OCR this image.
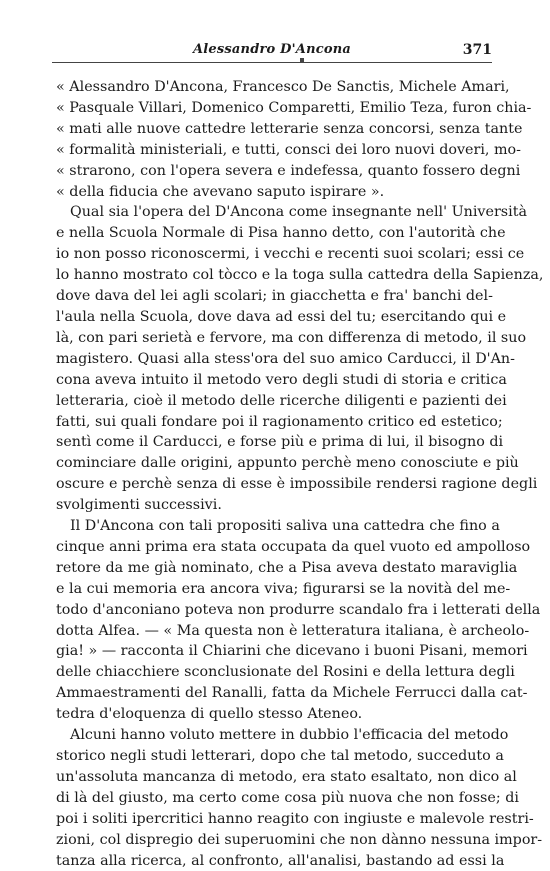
Alessandro D'Ancona	371
« Alessandro D'Ancona, Francesco De Sanctis, Michele Amari,
« Pasquale Villari, Domenico Comparetti, Emilio Teza, furon chia-
« mati alle nuove cattedre letterarie senza concorsi, senza tante
« formalità ministeriali, e tutti, consci dei loro nuovi doveri, mo-
« strarono, con l'opera severa e indefessa, quanto fossero degni
« della fiducia che avevano saputo ispirare ».
Qual sia l'opera del D'Ancona come insegnante nell' Università
e nella Scuola Normale di Pisa hanno detto, con l'autorità che
io non posso riconoscermi, i vecchi e recenti suoi scolari; essi ce
lo hanno mostrato col tòcco e la toga sulla cattedra della Sapienza,
dove dava del lei agli scolari; in giacchetta e fra' banchi del-
l'aula nella Scuola, dove dava ad essi del tu; esercitando qui e
là, con pari serietà e fervore, ma con differenza di metodo, il suo
magistero. Quasi alla stess'ora del suo amico Carducci, il D'An-
cona aveva intuito il metodo vero degli studi di storia e critica
letteraria, cioè il metodo delle ricerche diligenti e pazienti dei
fatti, sui quali fondare poi il ragionamento critico ed estetico;
sentì come il Carducci, e forse più e prima di lui, il bisogno di
cominciare dalle origini, appunto perchè meno conosciute e più
oscure e perchè senza di esse è impossibile rendersi ragione degli
svolgimenti successivi.
Il D'Ancona con tali propositi saliva una cattedra che fino a
cinque anni prima era stata occupata da quel vuoto ed ampolloso
retore da me già nominato, che a Pisa aveva destato maraviglia
e la cui memoria era ancora viva; figurarsi se la novità del me-
todo d'anconiano poteva non produrre scandalo fra i letterati della
dotta Alfea. — « Ma questa non è letteratura italiana, è archeolo-
gia! » — racconta il Chiarini che dicevano i buoni Pisani, memori
delle chiacchiere sconclusionate del Rosini e della lettura degli
Ammaestramenti del Ranalli, fatta da Michele Ferrucci dalla cat-
tedra d'eloquenza di quello stesso Ateneo.
Alcuni hanno voluto mettere in dubbio l'efficacia del metodo
storico negli studi letterari, dopo che tal metodo, succeduto a
un'assoluta mancanza di metodo, era stato esaltato, non dico al
di là del giusto, ma certo come cosa più nuova che non fosse; di
poi i soliti ipercritici hanno reagito con ingiuste e malevole restri-
zioni, col dispregio dei superuomini che non dànno nessuna impor-
tanza alla ricerca, al confronto, all'analisi, bastando ad essi la
